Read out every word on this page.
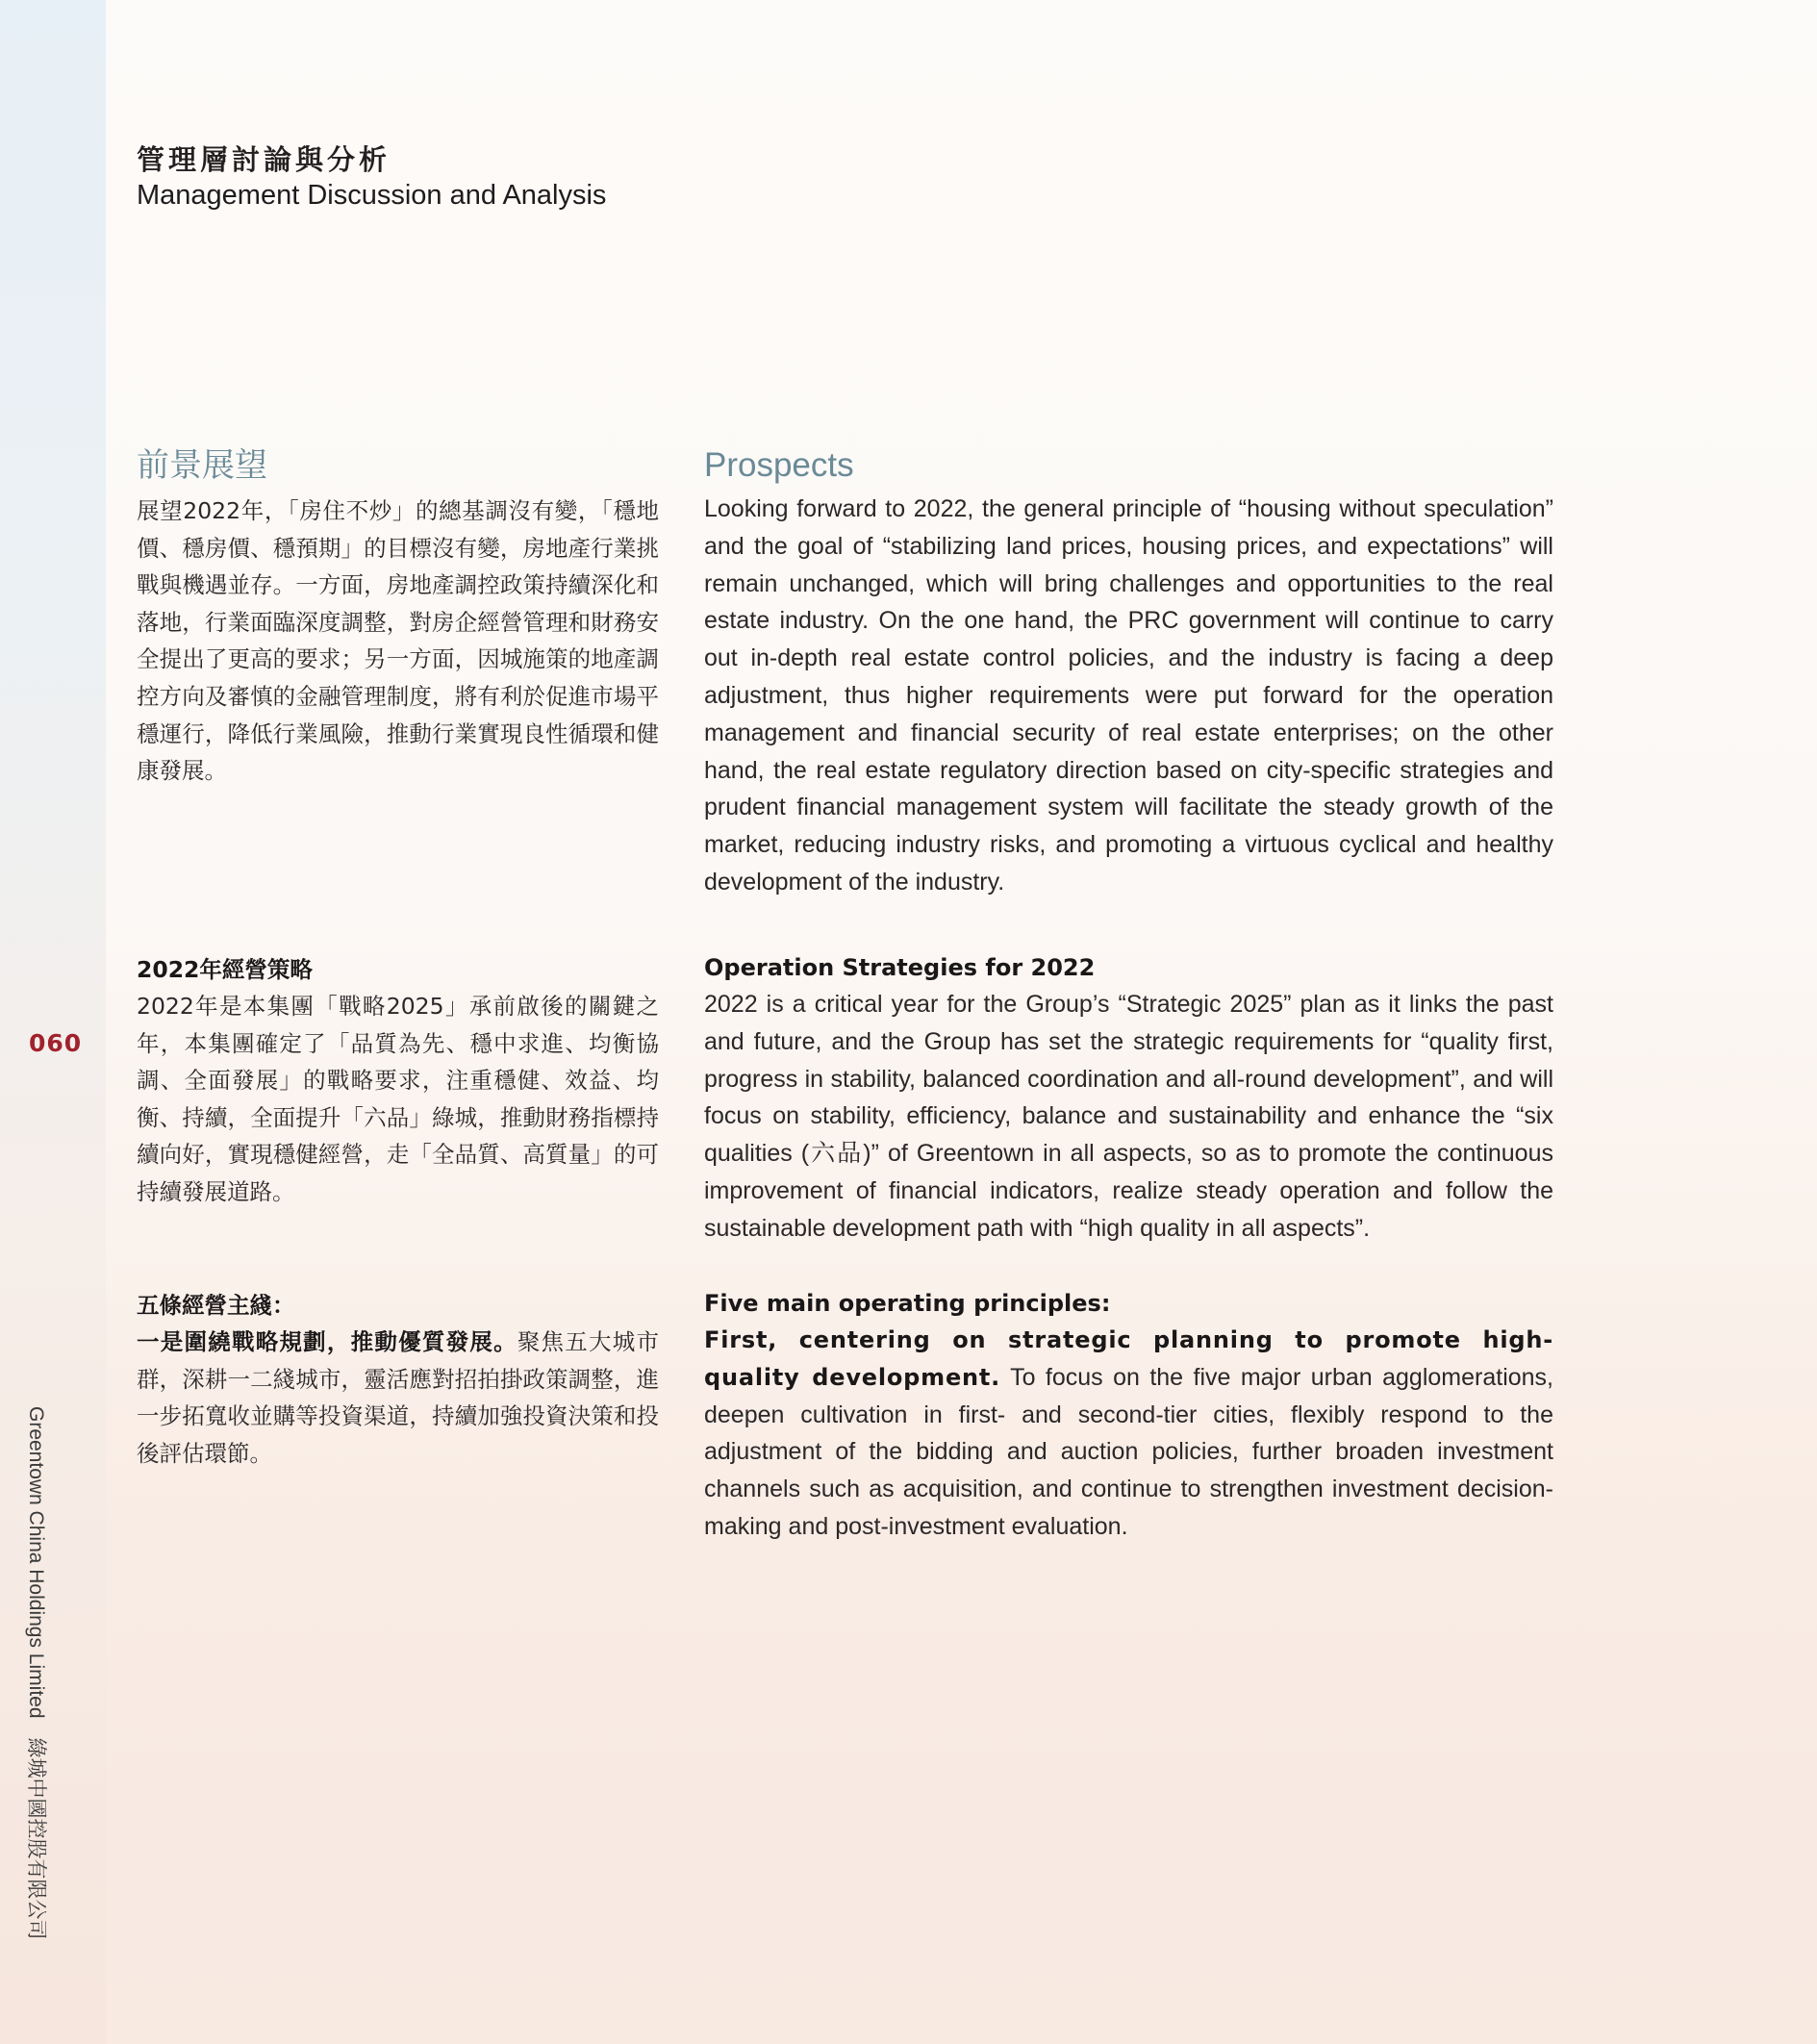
060
Greentown China Holdings Limited綠城中國控股有限公司
管理層討論與分析
Management Discussion and Analysis
前景展望

展望2022年，「房住不炒」的總基調沒有變，「穩地價、穩房價、穩預期」的目標沒有變，房地產行業挑戰與機遇並存。一方面，房地產調控政策持續深化和落地，行業面臨深度調整，對房企經營管理和財務安全提出了更高的要求；另一方面，因城施策的地產調控方向及審慎的金融管理制度，將有利於促進市場平穩運行，降低行業風險，推動行業實現良性循環和健康發展。

Prospects

Looking forward to 2022, the general principle of “housing without speculation” and the goal of “stabilizing land prices, housing prices, and expectations” will remain unchanged, which will bring challenges and opportunities to the real estate industry. On the one hand, the PRC government will continue to carry out in-depth real estate control policies, and the industry is facing a deep adjustment, thus higher requirements were put forward for the operation management and financial security of real estate enterprises; on the other hand, the real estate regulatory direction based on city-specific strategies and prudent financial management system will facilitate the steady growth of the market, reducing industry risks, and promoting a virtuous cyclical and healthy development of the industry.

2022年經營策略

2022年是本集團「戰略2025」承前啟後的關鍵之年，本集團確定了「品質為先、穩中求進、均衡協調、全面發展」的戰略要求，注重穩健、效益、均衡、持續，全面提升「六品」綠城，推動財務指標持續向好，實現穩健經營，走「全品質、高質量」的可持續發展道路。

Operation Strategies for 2022

2022 is a critical year for the Group’s “Strategic 2025” plan as it links the past and future, and the Group has set the strategic requirements for “quality first, progress in stability, balanced coordination and all-round development”, and will focus on stability, efficiency, balance and sustainability and enhance the “six qualities (六品)” of Greentown in all aspects, so as to promote the continuous improvement of financial indicators, realize steady operation and follow the sustainable development path with “high quality in all aspects”.

五條經營主綫：

一是圍繞戰略規劃，推動優質發展。聚焦五大城市群，深耕一二綫城市，靈活應對招拍掛政策調整，進一步拓寬收並購等投資渠道，持續加強投資決策和投後評估環節。

Five main operating principles:

First, centering on strategic planning to promote high-quality development. To focus on the five major urban agglomerations, deepen cultivation in first- and second-tier cities, flexibly respond to the adjustment of the bidding and auction policies, further broaden investment channels such as acquisition, and continue to strengthen investment decision-making and post-investment evaluation.
